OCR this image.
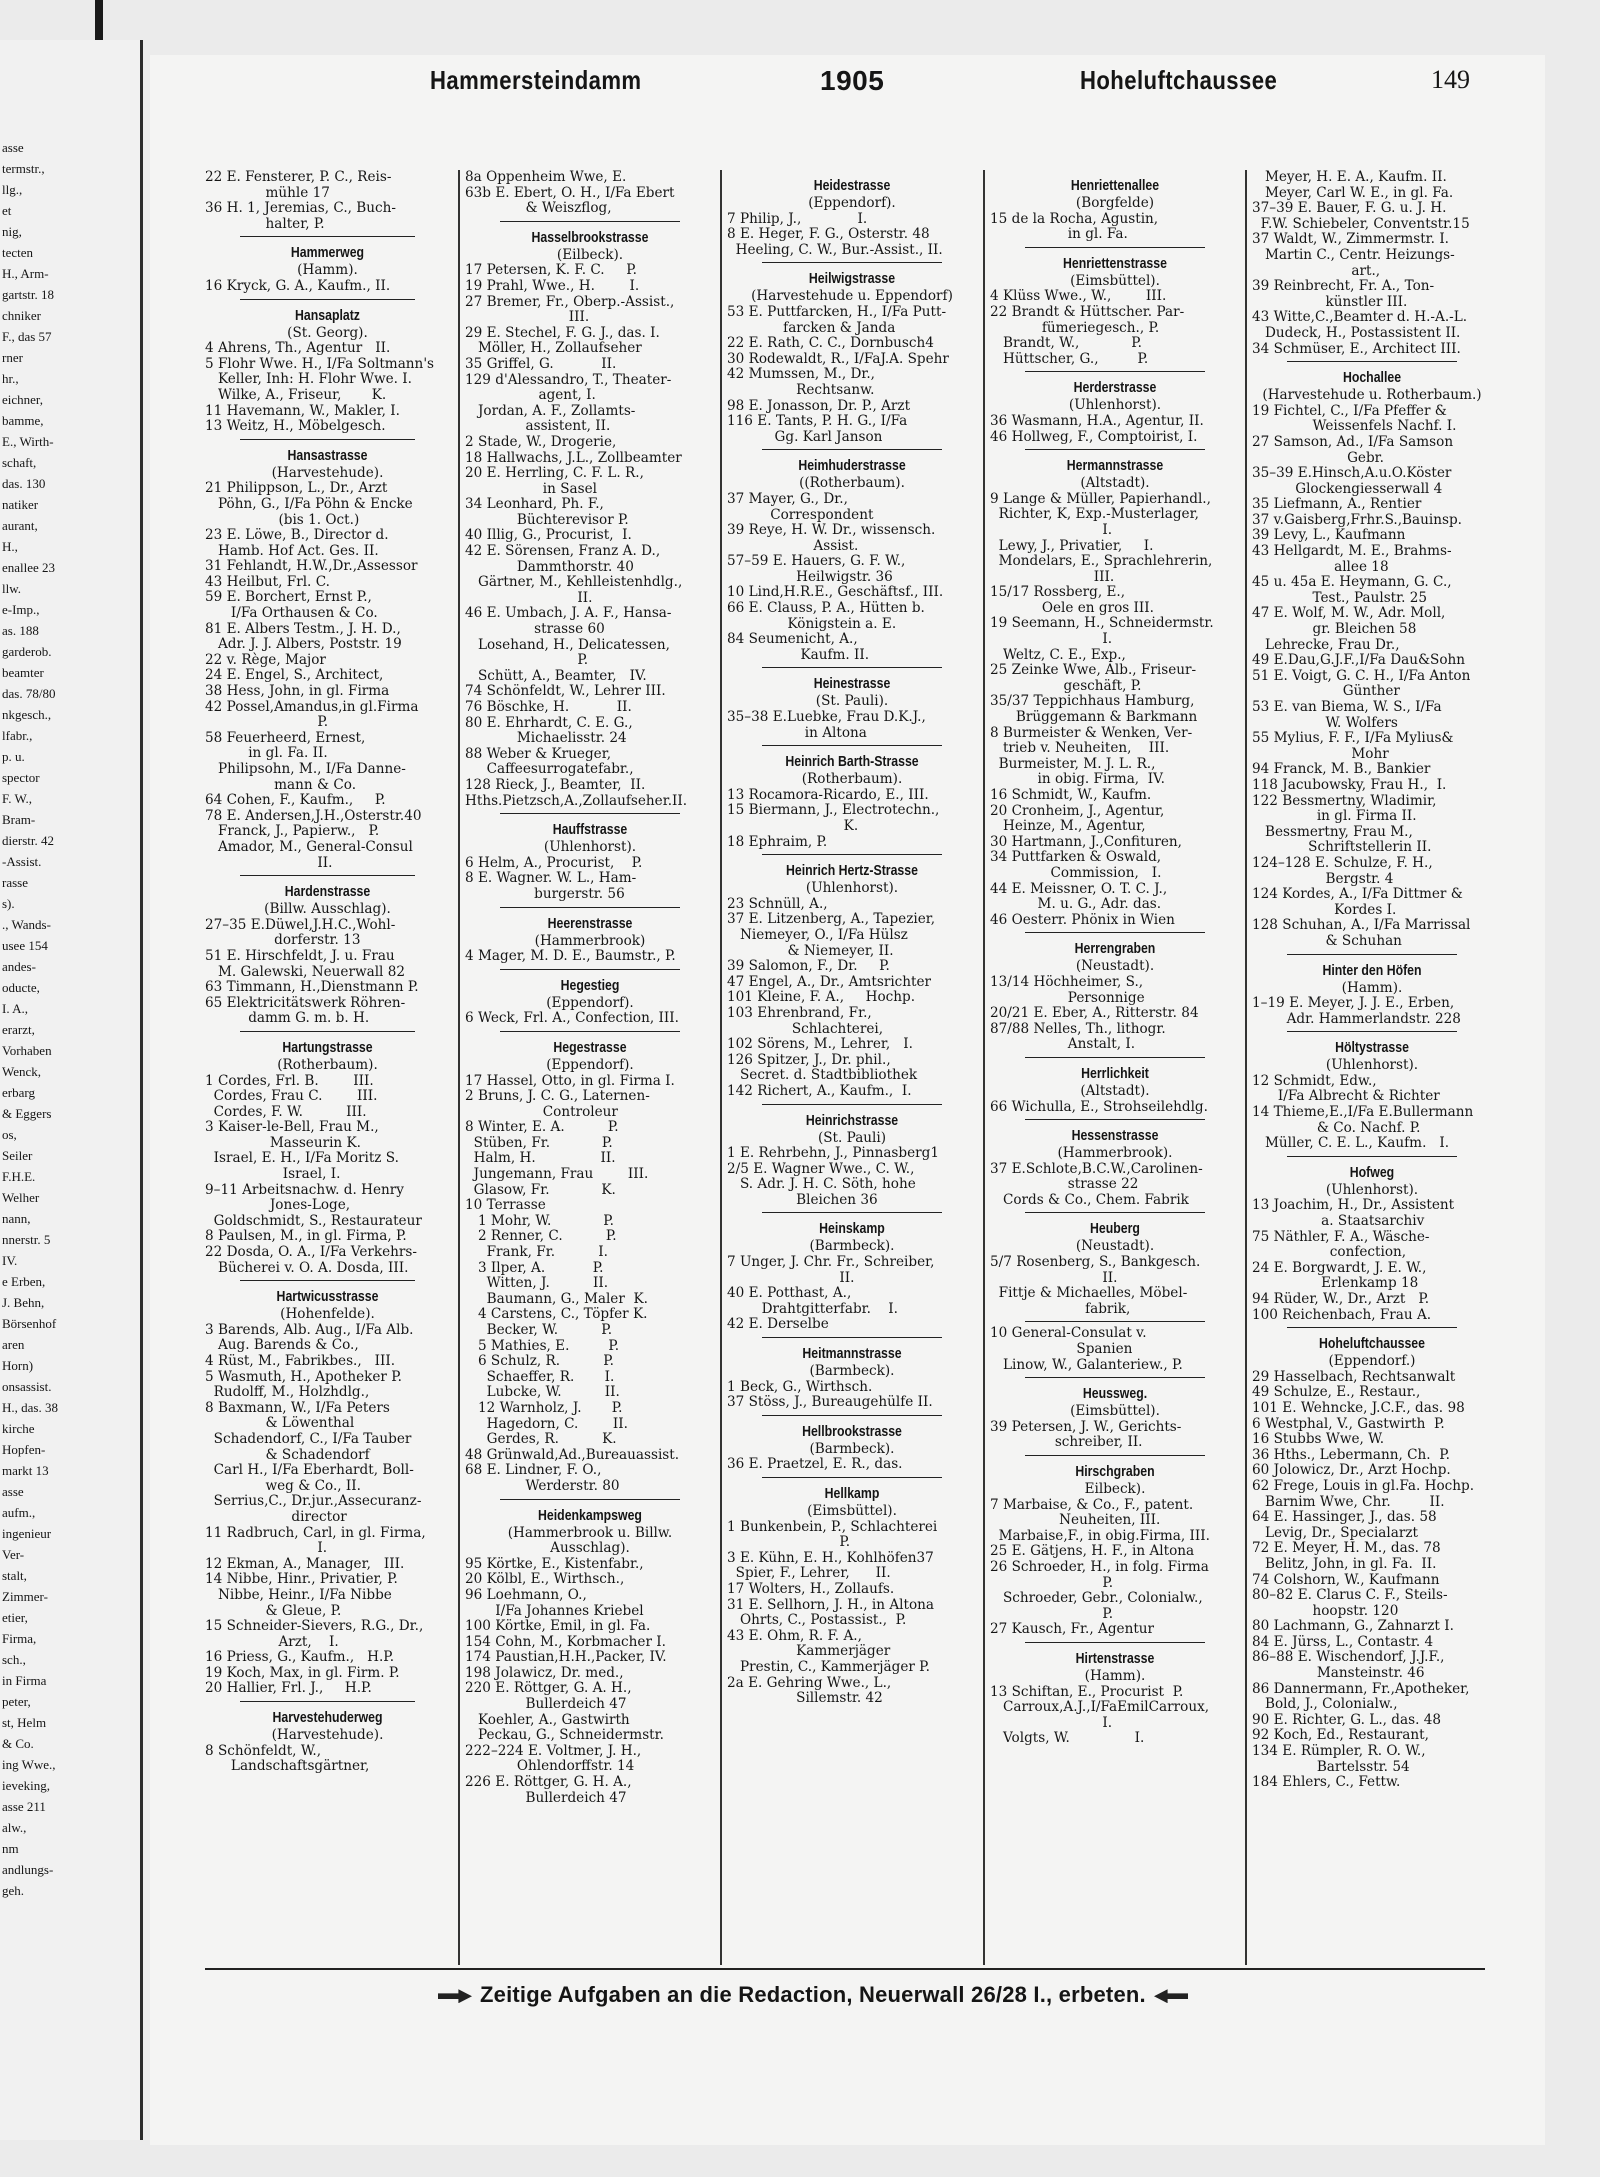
asse
termstr.,
llg.,
et
nig,
tecten
H., Arm-
gartstr. 18
chniker
F., das 57
rner
hr.,
eichner,
bamme,
E., Wirth-
schaft,
das. 130
natiker
aurant,
H.,
enallee 23
llw.
e-Imp.,
as. 188
garderob.
beamter
das. 78/80
nkgesch.,
lfabr.,
p. u.
spector
F. W.,
Bram-
dierstr. 42
-Assist.
rasse
s).
., Wands-
usee 154
andes-
oducte,
I. A.,
erarzt,
Vorhaben
Wenck,
erbarg
& Eggers
os,
Seiler
F.H.E.
Welher
nann,
nnerstr. 5
IV.
e Erben,
J. Behn,
Börsenhof
aren
Horn)
onsassist.
H., das. 38
kirche
Hopfen-
markt 13
asse
aufm.,
ingenieur
Ver-
stalt,
Zimmer-
etier,
Firma,
sch.,
in Firma
peter,
st, Helm
& Co.
ing Wwe.,
ieveking,
asse 211
alw.,
nm
andlungs-
geh.
Hammersteindamm	1905	Hoheluftchaussee	149
22 E. Fensterer, P. C., Reis-
mühle 17
36 H. 1, Jeremias, C., Buch-
halter, P.
Hammerweg
(Hamm).
16 Kryck, G. A., Kaufm., II.
Hansaplatz
(St. Georg).
4 Ahrens, Th., Agentur   II.
5 Flohr Wwe. H., I/Fa Soltmann's
Keller, Inh: H. Flohr Wwe. I.
Wilke, A., Friseur,       K.
11 Havemann, W., Makler, I.
13 Weitz, H., Möbelgesch.
Hansastrasse
(Harvestehude).
21 Philippson, L., Dr., Arzt
Pöhn, G., I/Fa Pöhn & Encke
(bis 1. Oct.)
23 E. Löwe, B., Director d.
Hamb. Hof Act. Ges. II.
31 Fehlandt, H.W.,Dr.,Assessor
43 Heilbut, Frl. C.
59 E. Borchert, Ernst P.,
I/Fa Orthausen & Co.
81 E. Albers Testm., J. H. D.,
Adr. J. J. Albers, Poststr. 19
22 v. Rège, Major
24 E. Engel, S., Architect,
38 Hess, John, in gl. Firma
42 Possel,Amandus,in gl.Firma
P.
58 Feuerheerd, Ernest,
in gl. Fa. II.
Philipsohn, M., I/Fa Danne-
mann & Co.
64 Cohen, F., Kaufm.,     P.
78 E. Andersen,J.H.,Osterstr.40
Franck, J., Papierw.,   P.
Amador, M., General-Consul
II.
Hardenstrasse
(Billw. Ausschlag).
27–35 E.Düwel,J.H.C.,Wohl-
dorferstr. 13
51 E. Hirschfeldt, J. u. Frau
M. Galewski, Neuerwall 82
63 Timmann, H.,Dienstmann P.
65 Elektricitätswerk Röhren-
damm G. m. b. H.
Hartungstrasse
(Rotherbaum).
1 Cordes, Frl. B.        III.
Cordes, Frau C.        III.
Cordes, F. W.          III.
3 Kaiser-le-Bell, Frau M.,
Masseurin K.
Israel, E. H., I/Fa Moritz S.
Israel, I.
9–11 Arbeitsnachw. d. Henry
Jones-Loge,
Goldschmidt, S., Restaurateur
8 Paulsen, M., in gl. Firma, P.
22 Dosda, O. A., I/Fa Verkehrs-
Bücherei v. O. A. Dosda, III.
Hartwicusstrasse
(Hohenfelde).
3 Barends, Alb. Aug., I/Fa Alb.
Aug. Barends & Co.,
4 Rüst, M., Fabrikbes.,   III.
5 Wasmuth, H., Apotheker P.
Rudolff, M., Holzhdlg.,
8 Baxmann, W., I/Fa Peters
& Löwenthal
Schadendorf, C., I/Fa Tauber
& Schadendorf
Carl H., I/Fa Eberhardt, Boll-
weg & Co., II.
Serrius,C., Dr.jur.,Assecuranz-
director
11 Radbruch, Carl, in gl. Firma,
I.
12 Ekman, A., Manager,   III.
14 Nibbe, Hinr., Privatier, P.
Nibbe, Heinr., I/Fa Nibbe
& Gleue, P.
15 Schneider-Sievers, R.G., Dr.,
Arzt,    I.
16 Priess, G., Kaufm.,   H.P.
19 Koch, Max, in gl. Firm. P.
20 Hallier, Frl. J.,     H.P.
Harvestehuderweg
(Harvestehude).
8 Schönfeldt, W.,
Landschaftsgärtner,
8a Oppenheim Wwe, E.
63b E. Ebert, O. H., I/Fa Ebert
& Weiszflog,
Hasselbrookstrasse
(Eilbeck).
17 Petersen, K. F. C.     P.
19 Prahl, Wwe., H.        I.
27 Bremer, Fr., Oberp.-Assist.,
III.
29 E. Stechel, F. G. J., das. I.
Möller, H., Zollaufseher
35 Griffel, G.           II.
129 d'Alessandro, T., Theater-
agent, I.
Jordan, A. F., Zollamts-
assistent, II.
2 Stade, W., Drogerie,
18 Hallwachs, J.L., Zollbeamter
20 E. Herrling, C. F. L. R.,
in Sasel
34 Leonhard, Ph. F.,
Büchterevisor P.
40 Illig, G., Procurist,  I.
42 E. Sörensen, Franz A. D.,
Dammthorstr. 40
Gärtner, M., Kehlleistenhdlg.,
II.
46 E. Umbach, J. A. F., Hansa-
strasse 60
Losehand, H., Delicatessen,
P.
Schütt, A., Beamter,   IV.
74 Schönfeldt, W., Lehrer III.
76 Böschke, H.           II.
80 E. Ehrhardt, C. E. G.,
Michaelisstr. 24
88 Weber & Krueger,
Caffeesurrogatefabr.,
128 Rieck, J., Beamter,  II.
Hths.Pietzsch,A.,Zollaufseher.II.
Hauffstrasse
(Uhlenhorst).
6 Helm, A., Procurist,    P.
8 E. Wagner. W. L., Ham-
burgerstr. 56
Heerenstrasse
(Hammerbrook)
4 Mager, M. D. E., Baumstr., P.
Hegestieg
(Eppendorf).
6 Weck, Frl. A., Confection, III.
Hegestrasse
(Eppendorf).
17 Hassel, Otto, in gl. Firma I.
2 Bruns, J. C. G., Laternen-
Controleur
8 Winter, E. A.          P.
Stüben, Fr.            P.
Halm, H.               II.
Jungemann, Frau        III.
Glasow, Fr.            K.
10 Terrasse
1 Mohr, W.            P.
2 Renner, C.          P.
Frank, Fr.          I.
3 Ilper, A.           P.
Witten, J.          II.
Baumann, G., Maler  K.
4 Carstens, C., Töpfer K.
Becker, W.          P.
5 Mathies, E.         P.
6 Schulz, R.          P.
Schaeffer, R.       I.
Lubcke, W.          II.
12 Warnholz, J.       P.
Hagedorn, C.        II.
Gerdes, R.          K.
48 Grünwald,Ad.,Bureauassist.
68 E. Lindner, F. O.,
Werderstr. 80
Heidenkampsweg
(Hammerbrook u. Billw.
Ausschlag).
95 Körtke, E., Kistenfabr.,
20 Kölbl, E., Wirthsch.,
96 Loehmann, O.,
I/Fa Johannes Kriebel
100 Körtke, Emil, in gl. Fa.
154 Cohn, M., Korbmacher I.
174 Paustian,H.H.,Packer, IV.
198 Jolawicz, Dr. med.,
220 E. Röttger, G. A. H.,
Bullerdeich 47
Koehler, A., Gastwirth
Peckau, G., Schneidermstr.
222–224 E. Voltmer, J. H.,
Ohlendorffstr. 14
226 E. Röttger, G. H. A.,
Bullerdeich 47
Heidestrasse
(Eppendorf).
7 Philip, J.,             I.
8 E. Heger, F. G., Osterstr. 48
Heeling, C. W., Bur.-Assist., II.
Heilwigstrasse
(Harvestehude u. Eppendorf)
53 E. Puttfarcken, H., I/Fa Putt-
farcken & Janda
22 E. Rath, C. C., Dornbusch4
30 Rodewaldt, R., I/FaJ.A. Spehr
42 Mumssen, M., Dr.,
Rechtsanw.
98 E. Jonasson, Dr. P., Arzt
116 E. Tants, P. H. G., I/Fa
Gg. Karl Janson
Heimhuderstrasse
((Rotherbaum).
37 Mayer, G., Dr.,
Correspondent
39 Reye, H. W. Dr., wissensch.
Assist.
57–59 E. Hauers, G. F. W.,
Heilwigstr. 36
10 Lind,H.R.E., Geschäftsf., III.
66 E. Clauss, P. A., Hütten b.
Königstein a. E.
84 Seumenicht, A.,
Kaufm. II.
Heinestrasse
(St. Pauli).
35–38 E.Luebke, Frau D.K.J.,
in Altona
Heinrich Barth-Strasse
(Rotherbaum).
13 Rocamora-Ricardo, E., III.
15 Biermann, J., Electrotechn.,
K.
18 Ephraim, P.
Heinrich Hertz-Strasse
(Uhlenhorst).
23 Schnüll, A.,
37 E. Litzenberg, A., Tapezier,
Niemeyer, O., I/Fa Hülsz
& Niemeyer, II.
39 Salomon, F., Dr.     P.
47 Engel, A., Dr., Amtsrichter
101 Kleine, F. A.,     Hochp.
103 Ehrenbrand, Fr.,
Schlachterei,
102 Sörens, M., Lehrer,   I.
126 Spitzer, J., Dr. phil.,
Secret. d. Stadtbibliothek
142 Richert, A., Kaufm.,  I.
Heinrichstrasse
(St. Pauli)
1 E. Rehrbehn, J., Pinnasberg1
2/5 E. Wagner Wwe., C. W.,
S. Adr. J. H. C. Söth, hohe
Bleichen 36
Heinskamp
(Barmbeck).
7 Unger, J. Chr. Fr., Schreiber,
II.
40 E. Potthast, A.,
Drahtgitterfabr.    I.
42 E. Derselbe
Heitmannstrasse
(Barmbeck).
1 Beck, G., Wirthsch.
37 Stöss, J., Bureaugehülfe II.
Hellbrookstrasse
(Barmbeck).
36 E. Praetzel, E. R., das.
Hellkamp
(Eimsbüttel).
1 Bunkenbein, P., Schlachterei
P.
3 E. Kühn, E. H., Kohlhöfen37
Spier, F., Lehrer,      II.
17 Wolters, H., Zollaufs.
31 E. Sellhorn, J. H., in Altona
Ohrts, C., Postassist.,  P.
43 E. Ohm, R. F. A.,
Kammerjäger
Prestin, C., Kammerjäger P.
2a E. Gehring Wwe., L.,
Sillemstr. 42
Henriettenallee
(Borgfelde)
15 de la Rocha, Agustin,
in gl. Fa.
Henriettenstrasse
(Eimsbüttel).
4 Klüss Wwe., W.,        III.
22 Brandt & Hüttscher. Par-
fümeriegesch., P.
Brandt, W.,            P.
Hüttscher, G.,         P.
Herderstrasse
(Uhlenhorst).
36 Wasmann, H.A., Agentur, II.
46 Hollweg, F., Comptoirist, I.
Hermannstrasse
(Altstadt).
9 Lange & Müller, Papierhandl.,
Richter, K, Exp.-Musterlager,
I.
Lewy, J., Privatier,     I.
Mondelars, E., Sprachlehrerin,
III.
15/17 Rossberg, E.,
Oele en gros III.
19 Seemann, H., Schneidermstr.
I.
Weltz, C. E., Exp.,
25 Zeinke Wwe, Alb., Friseur-
geschäft, P.
35/37 Teppichhaus Hamburg,
Brüggemann & Barkmann
8 Burmeister & Wenken, Ver-
trieb v. Neuheiten,    III.
Burmeister, M. J. L. R.,
in obig. Firma,  IV.
16 Schmidt, W., Kaufm.
20 Cronheim, J., Agentur,
Heinze, M., Agentur,
30 Hartmann, J.,Confituren,
34 Puttfarken & Oswald,
Commission,   I.
44 E. Meissner, O. T. C. J.,
M. u. G., Adr. das.
46 Oesterr. Phönix in Wien
Herrengraben
(Neustadt).
13/14 Höchheimer, S.,
Personnige
20/21 E. Eber, A., Ritterstr. 84
87/88 Nelles, Th., lithogr.
Anstalt, I.
Herrlichkeit
(Altstadt).
66 Wichulla, E., Strohseilehdlg.
Hessenstrasse
(Hammerbrook).
37 E.Schlote,B.C.W.,Carolinen-
strasse 22
Cords & Co., Chem. Fabrik
Heuberg
(Neustadt).
5/7 Rosenberg, S., Bankgesch.
II.
Fittje & Michaelles, Möbel-
fabrik,
10 General-Consulat v.
Spanien
Linow, W., Galanteriew., P.
Heussweg.
(Eimsbüttel).
39 Petersen, J. W., Gerichts-
schreiber, II.
Hirschgraben
Eilbeck).
7 Marbaise, & Co., F., patent.
Neuheiten, III.
Marbaise,F., in obig.Firma, III.
25 E. Gätjens, H. F., in Altona
26 Schroeder, H., in folg. Firma
P.
Schroeder, Gebr., Colonialw.,
P.
27 Kausch, Fr., Agentur
Hirtenstrasse
(Hamm).
13 Schiftan, E., Procurist  P.
Carroux,A.J.,I/FaEmilCarroux,
I.
Volgts, W.               I.
Meyer, H. E. A., Kaufm. II.
Meyer, Carl W. E., in gl. Fa.
37–39 E. Bauer, F. G. u. J. H.
F.W. Schiebeler, Conventstr.15
37 Waldt, W., Zimmermstr. I.
Martin C., Centr. Heizungs-
art.,
39 Reinbrecht, Fr. A., Ton-
künstler III.
43 Witte,C.,Beamter d. H.-A.-L.
Dudeck, H., Postassistent II.
34 Schmüser, E., Architect III.
Hochallee
(Harvestehude u. Rotherbaum.)
19 Fichtel, C., I/Fa Pfeffer &
Weissenfels Nachf. I.
27 Samson, Ad., I/Fa Samson
Gebr.
35–39 E.Hinsch,A.u.O.Köster
Glockengiesserwall 4
35 Liefmann, A., Rentier
37 v.Gaisberg,Frhr.S.,Bauinsp.
39 Levy, L., Kaufmann
43 Hellgardt, M. E., Brahms-
allee 18
45 u. 45a E. Heymann, G. C.,
Test., Paulstr. 25
47 E. Wolf, M. W., Adr. Moll,
gr. Bleichen 58
Lehrecke, Frau Dr.,
49 E.Dau,G.J.F.,I/Fa Dau&Sohn
51 E. Voigt, G. C. H., I/Fa Anton
Günther
53 E. van Biema, W. S., I/Fa
W. Wolfers
55 Mylius, F. F., I/Fa Mylius&
Mohr
94 Franck, M. B., Bankier
118 Jacubowsky, Frau H.,  I.
122 Bessmertny, Wladimir,
in gl. Firma II.
Bessmertny, Frau M.,
Schriftstellerin II.
124–128 E. Schulze, F. H.,
Bergstr. 4
124 Kordes, A., I/Fa Dittmer &
Kordes I.
128 Schuhan, A., I/Fa Marrissal
& Schuhan
Hinter den Höfen
(Hamm).
1–19 E. Meyer, J. J. E., Erben,
Adr. Hammerlandstr. 228
Höltystrasse
(Uhlenhorst).
12 Schmidt, Edw.,
I/Fa Albrecht & Richter
14 Thieme,E.,I/Fa E.Bullermann
& Co. Nachf. P.
Müller, C. E. L., Kaufm.   I.
Hofweg
(Uhlenhorst).
13 Joachim, H., Dr., Assistent
a. Staatsarchiv
75 Näthler, F. A., Wäsche-
confection,
24 E. Borgwardt, J. E. W.,
Erlenkamp 18
94 Rüder, W., Dr., Arzt   P.
100 Reichenbach, Frau A.
Hoheluftchaussee
(Eppendorf.)
29 Hasselbach, Rechtsanwalt
49 Schulze, E., Restaur.,
101 E. Wehncke, J.C.F., das. 98
6 Westphal, V., Gastwirth  P.
16 Stubbs Wwe, W.
36 Hths., Lebermann, Ch.  P.
60 Jolowicz, Dr., Arzt Hochp.
62 Frege, Louis in gl.Fa. Hochp.
Barnim Wwe, Chr.         II.
64 E. Hassinger, J., das. 58
Levig, Dr., Specialarzt
72 E. Meyer, H. M., das. 78
Belitz, John, in gl. Fa.  II.
74 Colshorn, W., Kaufmann
80–82 E. Clarus C. F., Steils-
hoopstr. 120
80 Lachmann, G., Zahnarzt I.
84 E. Jürss, L., Contastr. 4
86–88 E. Wischendorf, J.J.F.,
Mansteinstr. 46
86 Dannermann, Fr.,Apotheker,
Bold, J., Colonialw.,
90 E. Richter, G. L., das. 48
92 Koch, Ed., Restaurant,
134 E. Rümpler, R. O. W.,
Bartelsstr. 54
184 Ehlers, C., Fettw.
Zeitige Aufgaben an die Redaction, Neuerwall 26/28 I., erbeten.
